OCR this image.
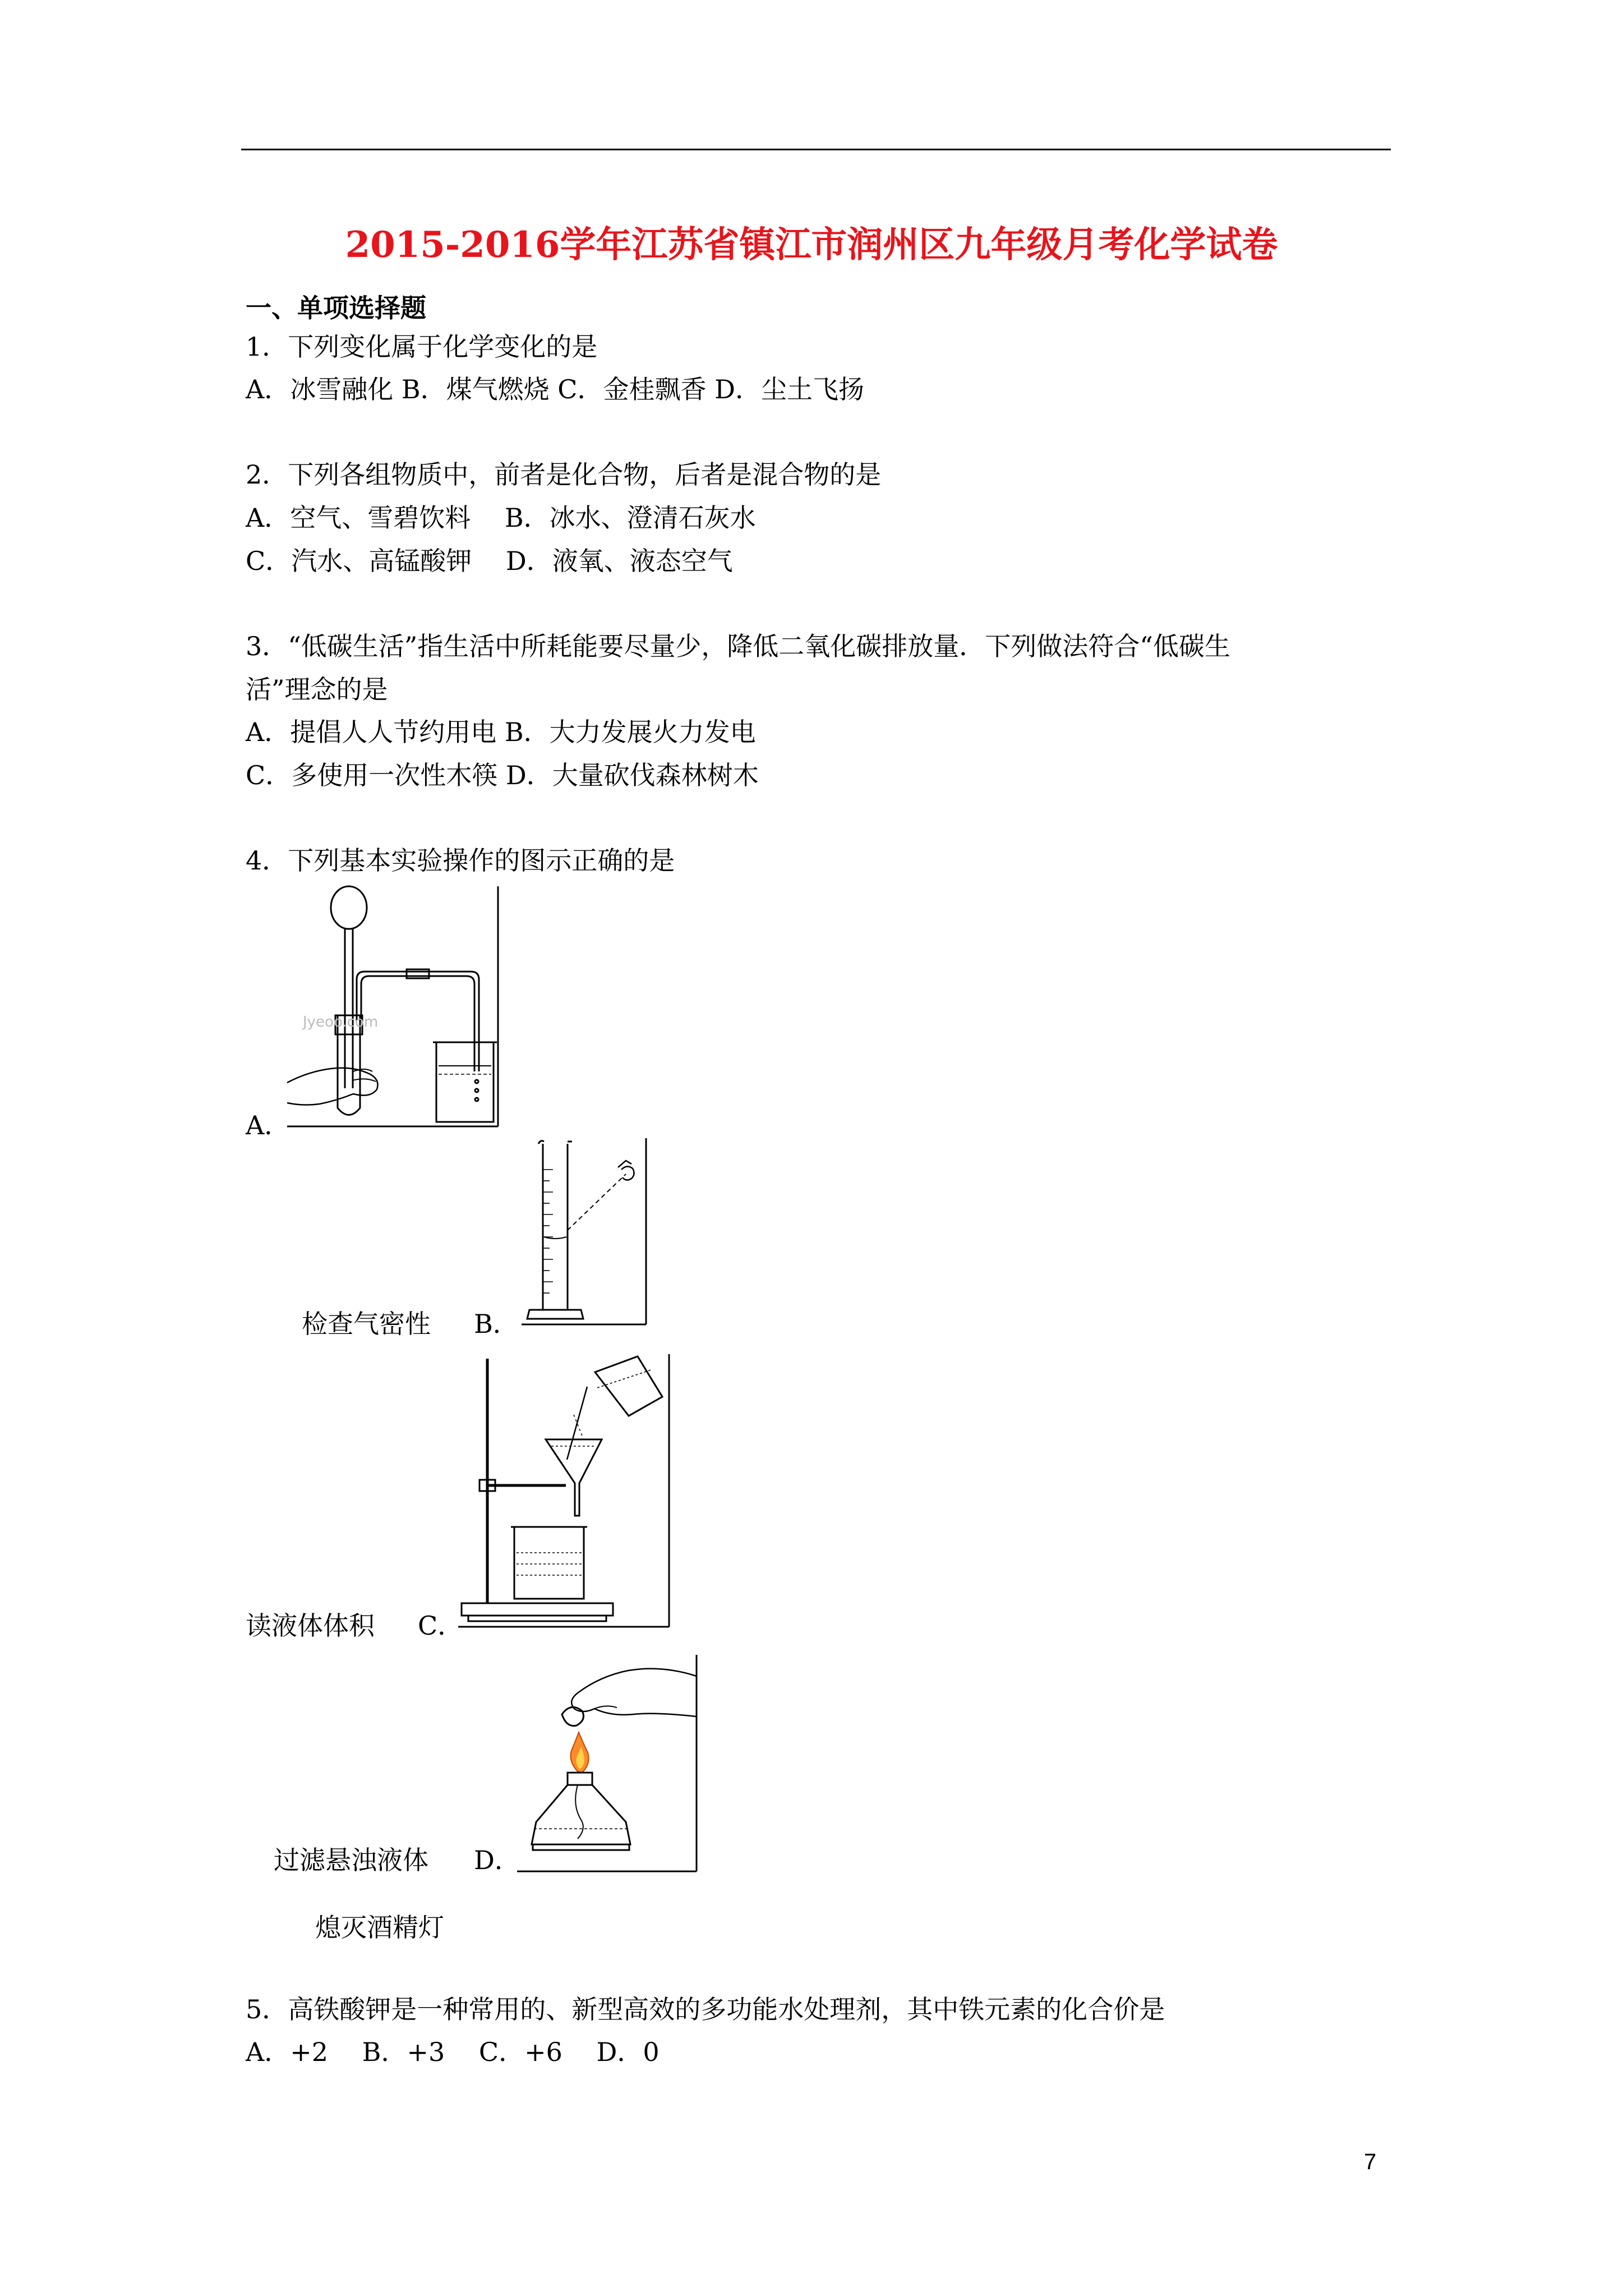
2015-2016学年江苏省镇江市润州区九年级月考化学试卷
一、单项选择题
1．下列变化属于化学变化的是
A．冰雪融化 B．煤气燃烧 C．金桂飘香 D．尘土飞扬
2．下列各组物质中，前者是化合物，后者是混合物的是
A．空气、雪碧饮料　 B．冰水、澄清石灰水
C．汽水、高锰酸钾　 D．液氧、液态空气
3．“低碳生活”指生活中所耗能要尽量少，降低二氧化碳排放量．下列做法符合“低碳生
活”理念的是
A．提倡人人节约用电 B．大力发展火力发电
C．多使用一次性木筷 D．大量砍伐森林树木
4．下列基本实验操作的图示正确的是
Jyeoo.com
A．
检查气密性 B．
读液体体积 C．
过滤悬浊液体 D．
熄灭酒精灯
5．高铁酸钾是一种常用的、新型高效的多功能水处理剂，其中铁元素的化合价是
A．+2　 B．+3　 C．+6　 D．0
7
